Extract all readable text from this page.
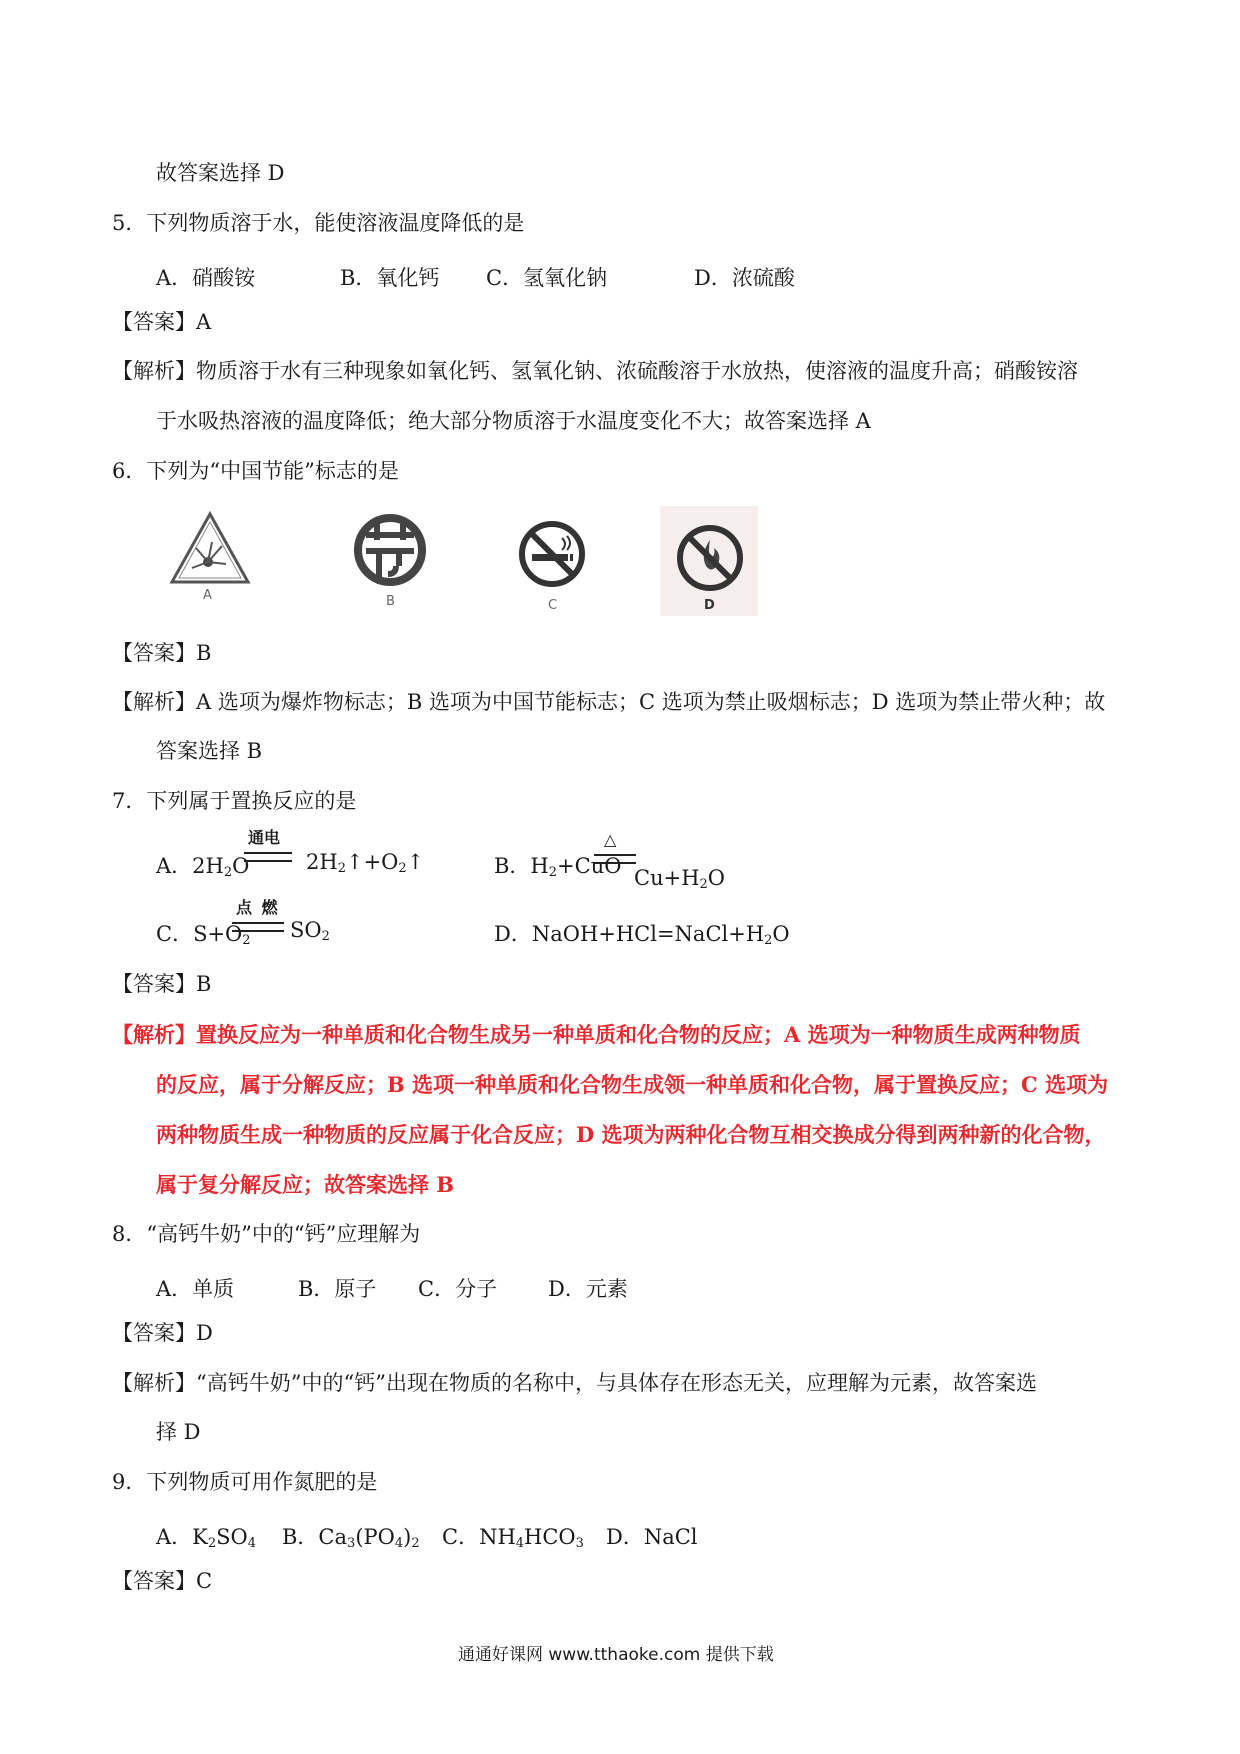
故答案选择 D
5．下列物质溶于水，能使溶液温度降低的是
A．硝酸铵	B．氧化钙 C．氢氧化钠	D．浓硫酸
【答案】A
【解析】物质溶于水有三种现象如氧化钙、氢氧化钠、浓硫酸溶于水放热，使溶液的温度升高；硝酸铵溶
于水吸热溶液的温度降低；绝大部分物质溶于水温度变化不大；故答案选择 A
6．下列为“中国节能”标志的是
A	B	C	D
【答案】B
【解析】A 选项为爆炸物标志；B 选项为中国节能标志；C 选项为禁止吸烟标志；D 选项为禁止带火种；故
答案选择 B
7．下列属于置换反应的是
A．$2H_2O$
通电
$2H_2↑+O_2↑$	B．$H_2+CuO$
△
$Cu+H_2O$
C．$S+O_2$
点 燃
$SO_2$	D．$NaOH+HCl=NaCl+H_2O$
【答案】B
【解析】置换反应为一种单质和化合物生成另一种单质和化合物的反应；A 选项为一种物质生成两种物质
的反应，属于分解反应；B 选项一种单质和化合物生成领一种单质和化合物，属于置换反应；C 选项为
两种物质生成一种物质的反应属于化合反应；D 选项为两种化合物互相交换成分得到两种新的化合物，
属于复分解反应；故答案选择 B
8．“高钙牛奶”中的“钙”应理解为
A．单质	B．原子 C．分子 D．元素
【答案】D
【解析】“高钙牛奶”中的“钙”出现在物质的名称中，与具体存在形态无关，应理解为元素，故答案选
择 D
9．下列物质可用作氮肥的是
A．$K_2SO_4$ B．$Ca_3(PO_4)_2$ C．$NH_4HCO_3$ D．NaCl
【答案】C
通通好课网 www.tthaoke.com 提供下载
